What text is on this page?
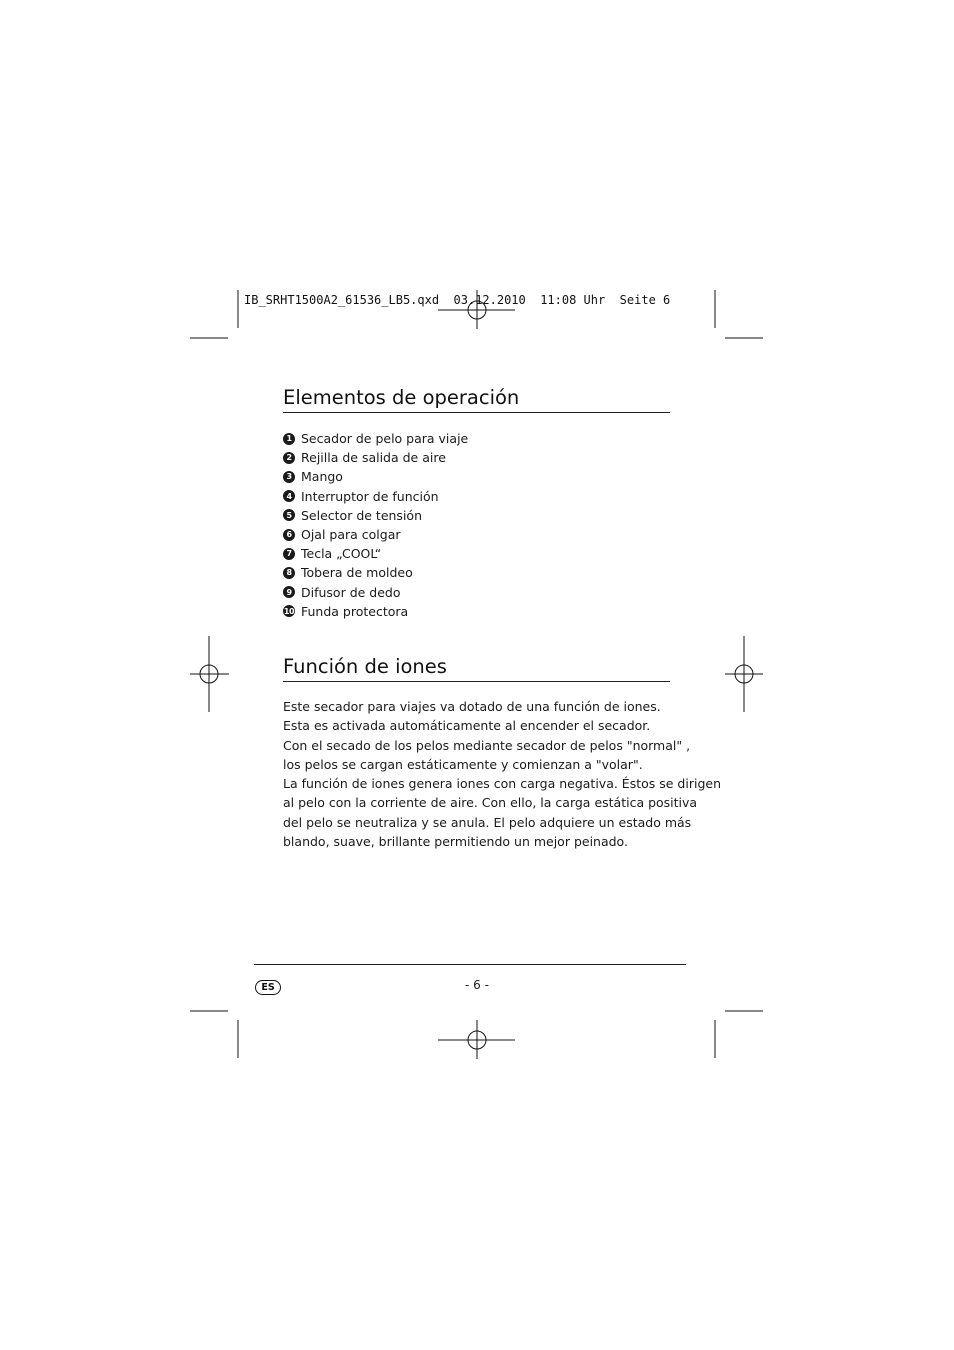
IB_SRHT1500A2_61536_LB5.qxd  03.12.2010  11:08 Uhr  Seite 6
Elementos de operación
1 Secador de pelo para viaje
2 Rejilla de salida de aire
3 Mango
4 Interruptor de función
5 Selector de tensión
6 Ojal para colgar
7 Tecla „COOL“
8 Tobera de moldeo
9 Difusor de dedo
10 Funda protectora
Función de iones

Este secador para viajes va dotado de una función de iones.

Esta es activada automáticamente al encender el secador.

Con el secado de los pelos mediante secador de pelos "normal" ,

los pelos se cargan estáticamente y comienzan a "volar".

La función de iones genera iones con carga negativa. Éstos se dirigen

al pelo con la corriente de aire. Con ello, la carga estática positiva

del pelo se neutraliza y se anula. El pelo adquiere un estado más

blando, suave, brillante permitiendo un mejor peinado.

ES	- 6 -
